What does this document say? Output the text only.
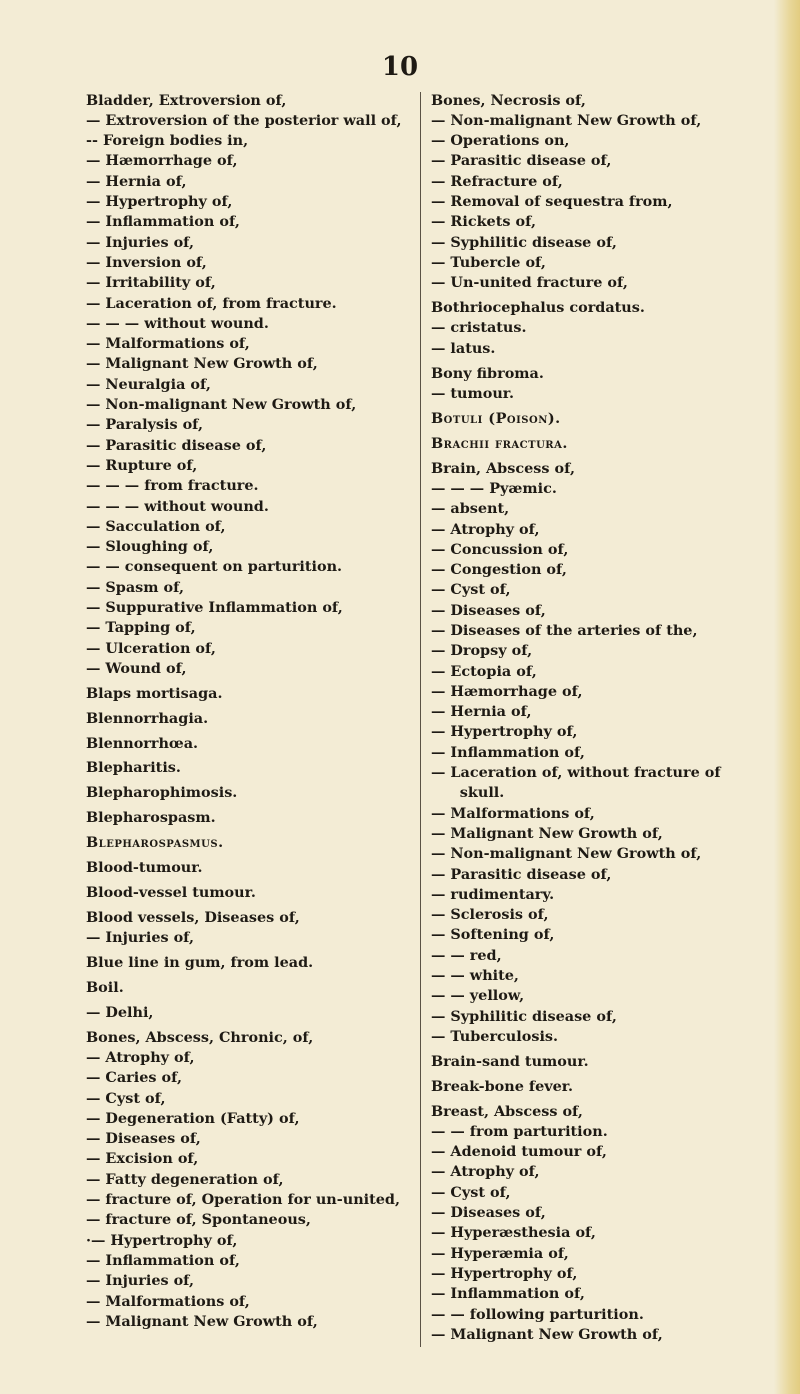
10
Bladder, Extroversion of,
— Extroversion of the posterior wall of,
-- Foreign bodies in,
— Hæmorrhage of,
— Hernia of,
— Hypertrophy of,
— Inflammation of,
— Injuries of,
— Inversion of,
— Irritability of,
— Laceration of, from fracture.
— — — without wound.
— Malformations of,
— Malignant New Growth of,
— Neuralgia of,
— Non-malignant New Growth of,
— Paralysis of,
— Parasitic disease of,
— Rupture of,
— — — from fracture.
— — — without wound.
— Sacculation of,
— Sloughing of,
— — consequent on parturition.
— Spasm of,
— Suppurative Inflammation of,
— Tapping of,
— Ulceration of,
— Wound of,
Blaps mortisaga.
Blennorrhagia.
Blennorrhœa.
Blepharitis.
Blepharophimosis.
Blepharospasm.
Blepharospasmus.
Blood-tumour.
Blood-vessel tumour.
Blood vessels, Diseases of,
— Injuries of,
Blue line in gum, from lead.
Boil.
— Delhi,
Bones, Abscess, Chronic, of,
— Atrophy of,
— Caries of,
— Cyst of,
— Degeneration (Fatty) of,
— Diseases of,
— Excision of,
— Fatty degeneration of,
— fracture of, Operation for un-united,
— fracture of, Spontaneous,
·— Hypertrophy of,
— Inflammation of,
— Injuries of,
— Malformations of,
— Malignant New Growth of,
Bones, Necrosis of,
— Non-malignant New Growth of,
— Operations on,
— Parasitic disease of,
— Refracture of,
— Removal of sequestra from,
— Rickets of,
— Syphilitic disease of,
— Tubercle of,
— Un-united fracture of,
Bothriocephalus cordatus.
— cristatus.
— latus.
Bony fibroma.
— tumour.
Botuli (Poison).
Brachii fractura.
Brain, Abscess of,
— — — Pyæmic.
— absent,
— Atrophy of,
— Concussion of,
— Congestion of,
— Cyst of,
— Diseases of,
— Diseases of the arteries of the,
— Dropsy of,
— Ectopia of,
— Hæmorrhage of,
— Hernia of,
— Hypertrophy of,
— Inflammation of,
— Laceration of, without fracture of skull.
— Malformations of,
— Malignant New Growth of,
— Non-malignant New Growth of,
— Parasitic disease of,
— rudimentary.
— Sclerosis of,
— Softening of,
— — red,
— — white,
— — yellow,
— Syphilitic disease of,
— Tuberculosis.
Brain-sand tumour.
Break-bone fever.
Breast, Abscess of,
— — from parturition.
— Adenoid tumour of,
— Atrophy of,
— Cyst of,
— Diseases of,
— Hyperæsthesia of,
— Hyperæmia of,
— Hypertrophy of,
— Inflammation of,
— — following parturition.
— Malignant New Growth of,
